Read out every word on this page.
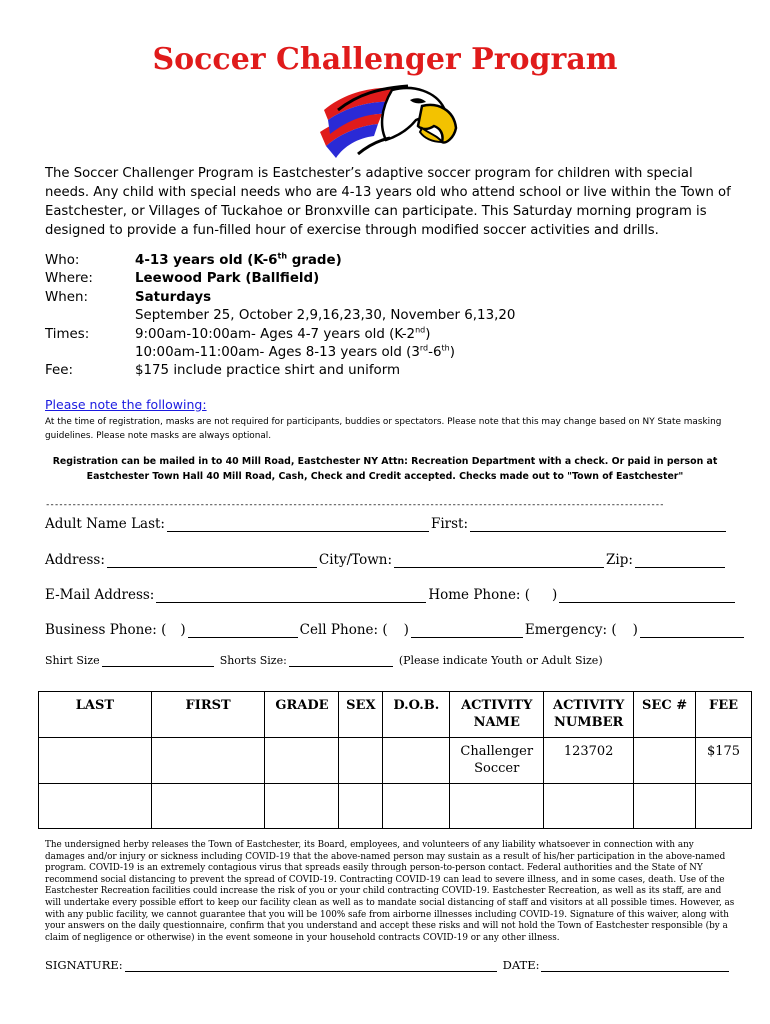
Soccer Challenger Program
The Soccer Challenger Program is Eastchester’s adaptive soccer program for children with special needs. Any child with special needs who are 4-13 years old who attend school or live within the Town of Eastchester, or Villages of Tuckahoe or Bronxville can participate. This Saturday morning program is designed to provide a fun-filled hour of exercise through modified soccer activities and drills.
Who:	4-13 years old (K-6th grade)
Where:	Leewood Park (Ballfield)
When:	Saturdays
September 25, October 2,9,16,23,30, November 6,13,20
Times:	9:00am-10:00am- Ages 4-7 years old (K-2nd)
10:00am-11:00am- Ages 8-13 years old (3rd-6th)
Fee:	$175 include practice shirt and uniform
Please note the following:
At the time of registration, masks are not required for participants, buddies or spectators. Please note that this may change based on NY State masking guidelines. Please note masks are always optional.
Registration can be mailed in to 40 Mill Road, Eastchester NY Attn: Recreation Department with a check. Or paid in person at Eastchester Town Hall 40 Mill Road, Cash, Check and Credit accepted. Checks made out to "Town of Eastchester"
--------------------------------------------------------------------------------------------------------------------------------------------
Adult Name Last:	First:
Address:	City/Town:	Zip:
E-Mail Address:	Home Phone: ( )
Business Phone: ( )	Cell Phone: ( )	Emergency: ( )
Shirt Size	Shorts Size:	(Please indicate Youth or Adult Size)
LAST	FIRST	GRADE	SEX	D.O.B.	ACTIVITY NAME	ACTIVITY NUMBER	SEC #	FEE
					Challenger Soccer	123702		$175

The undersigned herby releases the Town of Eastchester, its Board, employees, and volunteers of any liability whatsoever in connection with any damages and/or injury or sickness including COVID-19 that the above-named person may sustain as a result of his/her participation in the above-named program. COVID-19 is an extremely contagious virus that spreads easily through person-to-person contact. Federal authorities and the State of NY recommend social distancing to prevent the spread of COVID-19. Contracting COVID-19 can lead to severe illness, and in some cases, death. Use of the Eastchester Recreation facilities could increase the risk of you or your child contracting COVID-19. Eastchester Recreation, as well as its staff, are and will undertake every possible effort to keep our facility clean as well as to mandate social distancing of staff and visitors at all possible times. However, as with any public facility, we cannot guarantee that you will be 100% safe from airborne illnesses including COVID-19. Signature of this waiver, along with your answers on the daily questionnaire, confirm that you understand and accept these risks and will not hold the Town of Eastchester responsible (by a claim of negligence or otherwise) in the event someone in your household contracts COVID-19 or any other illness.
SIGNATURE:	DATE:
